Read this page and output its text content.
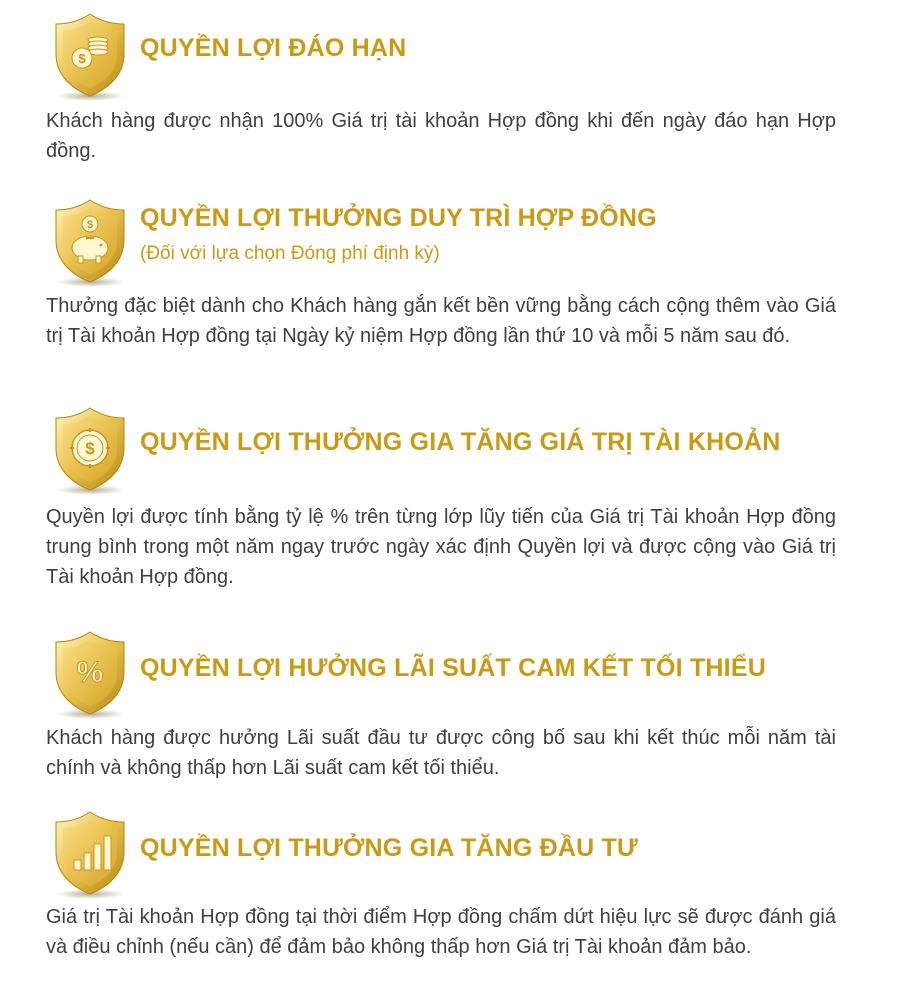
$ QUYỀN LỢI ĐÁO HẠN

Khách hàng được nhận 100% Giá trị tài khoản Hợp đồng khi đến ngày đáo hạn Hợp đồng.

$ QUYỀN LỢI THƯỞNG DUY TRÌ HỢP ĐỒNG

(Đối với lựa chọn Đóng phí định kỳ)

Thưởng đặc biệt dành cho Khách hàng gắn kết bền vững bằng cách cộng thêm vào Giá trị Tài khoản Hợp đồng tại Ngày kỷ niệm Hợp đồng lần thứ 10 và mỗi 5 năm sau đó.

$ QUYỀN LỢI THƯỞNG GIA TĂNG GIÁ TRỊ TÀI KHOẢN

Quyền lợi được tính bằng tỷ lệ % trên từng lớp lũy tiến của Giá trị Tài khoản Hợp đồng trung bình trong một năm ngay trước ngày xác định Quyền lợi và được cộng vào Giá trị Tài khoản Hợp đồng.

% QUYỀN LỢI HƯỞNG LÃI SUẤT CAM KẾT TỐI THIỂU

Khách hàng được hưởng Lãi suất đầu tư được công bố sau khi kết thúc mỗi năm tài chính và không thấp hơn Lãi suất cam kết tối thiểu.

QUYỀN LỢI THƯỞNG GIA TĂNG ĐẦU TƯ

Giá trị Tài khoản Hợp đồng tại thời điểm Hợp đồng chấm dứt hiệu lực sẽ được đánh giá và điều chỉnh (nếu cần) để đảm bảo không thấp hơn Giá trị Tài khoản đảm bảo.
